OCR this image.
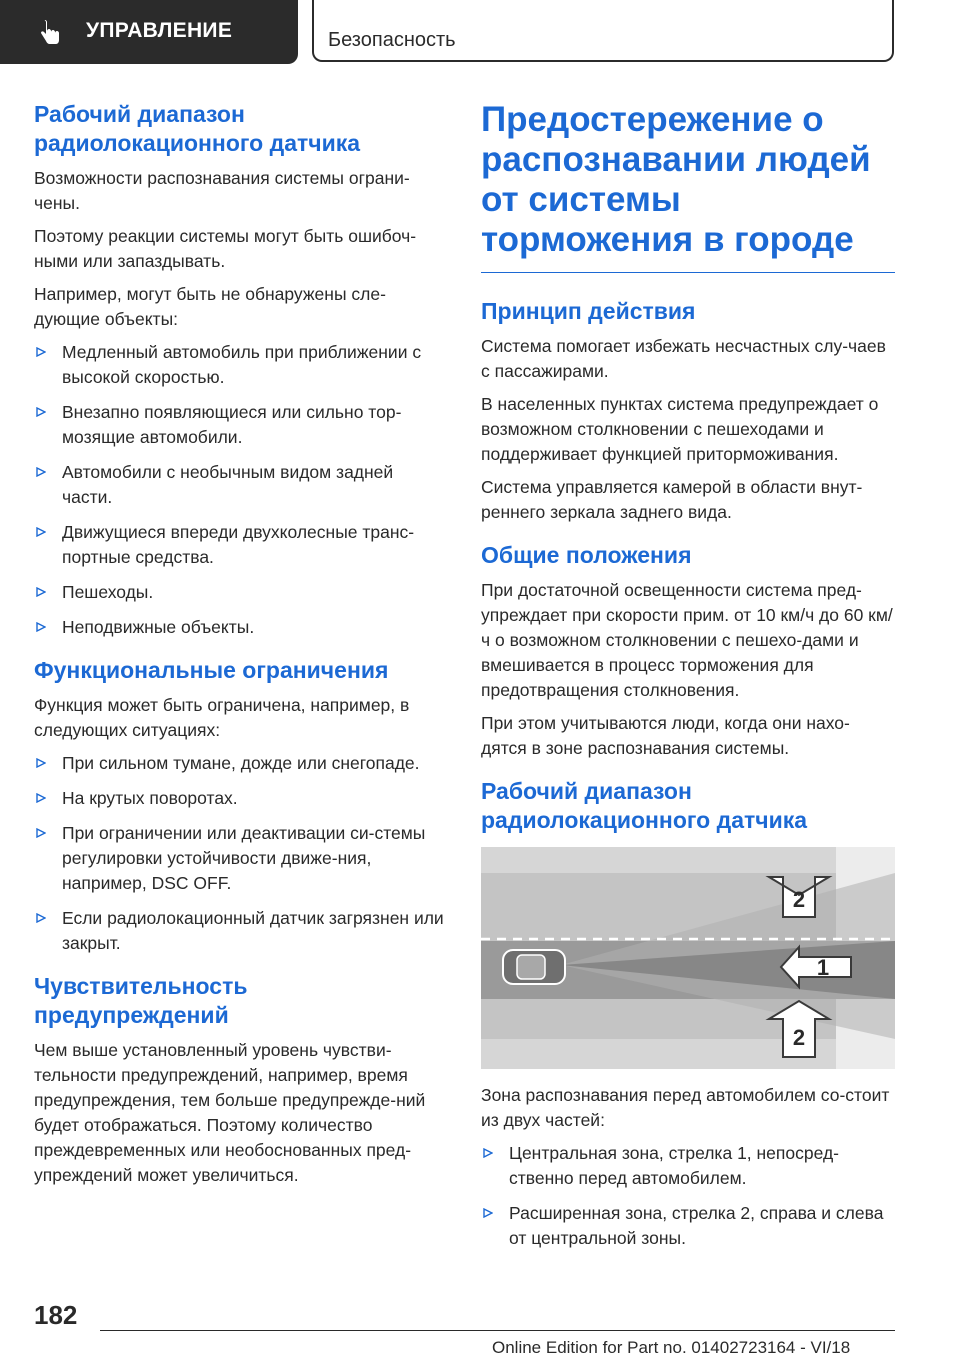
УПРАВЛЕНИЕ	Безопасность
Рабочий диапазон радиолокационного датчика
Возможности распознавания системы ограни-чены.
Поэтому реакции системы могут быть ошибоч-ными или запаздывать.
Например, могут быть не обнаружены сле-дующие объекты:
Медленный автомобиль при приближении с высокой скоростью.
Внезапно появляющиеся или сильно тор-мозящие автомобили.
Автомобили с необычным видом задней части.
Движущиеся впереди двухколесные транс-портные средства.
Пешеходы.
Неподвижные объекты.
Функциональные ограничения
Функция может быть ограничена, например, в следующих ситуациях:
При сильном тумане, дожде или снегопаде.
На крутых поворотах.
При ограничении или деактивации си-стемы регулировки устойчивости движе-ния, например, DSC OFF.
Если радиолокационный датчик загрязнен или закрыт.
Чувствительность предупреждений
Чем выше установленный уровень чувстви-тельности предупреждений, например, время предупреждения, тем больше предупрежде-ний будет отображаться. Поэтому количество преждевременных или необоснованных пред-упреждений может увеличиться.
Предостережение о распознавании людей от системы торможения в городе
Принцип действия
Система помогает избежать несчастных слу-чаев с пассажирами.
В населенных пунктах система предупреждает о возможном столкновении с пешеходами и поддерживает функцией приторможивания.
Система управляется камерой в области внут-реннего зеркала заднего вида.
Общие положения
При достаточной освещенности система пред-упреждает при скорости прим. от 10 км/ч до 60 км/ч о возможном столкновении с пешехо-дами и вмешивается в процесс торможения для предотвращения столкновения.
При этом учитываются люди, когда они нахо-дятся в зоне распознавания системы.
Рабочий диапазон радиолокационного датчика
2
1
2
Зона распознавания перед автомобилем со-стоит из двух частей:
Центральная зона, стрелка 1, непосред-ственно перед автомобилем.
Расширенная зона, стрелка 2, справа и слева от центральной зоны.
182
Online Edition for Part no. 01402723164 - VI/18
